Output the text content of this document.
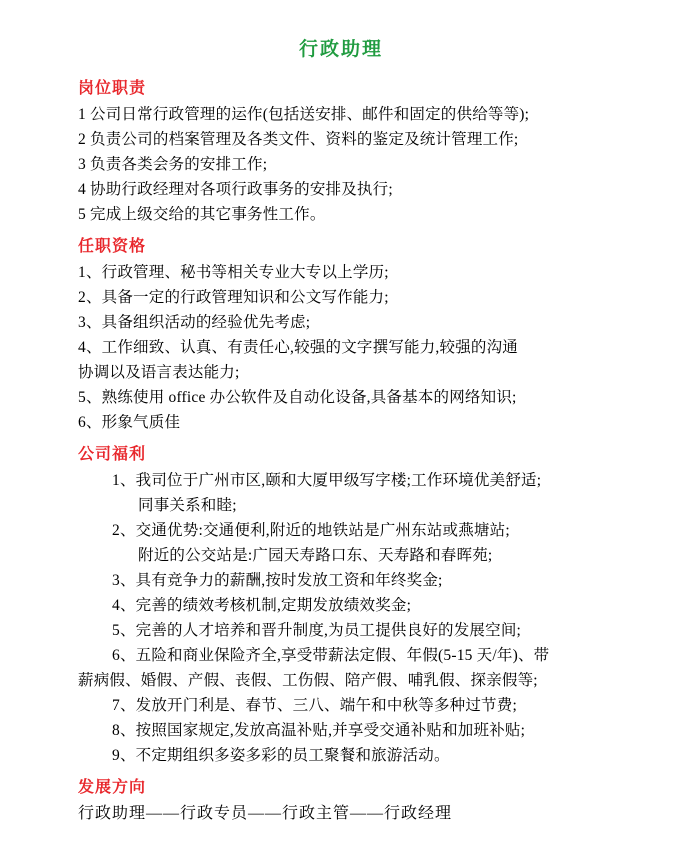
行政助理
岗位职责
1 公司日常行政管理的运作(包括送安排、邮件和固定的供给等等);
2 负责公司的档案管理及各类文件、资料的鉴定及统计管理工作;
3 负责各类会务的安排工作;
4 协助行政经理对各项行政事务的安排及执行;
5 完成上级交给的其它事务性工作。
任职资格
1、行政管理、秘书等相关专业大专以上学历;
2、具备一定的行政管理知识和公文写作能力;
3、具备组织活动的经验优先考虑;
4、工作细致、认真、有责任心,较强的文字撰写能力,较强的沟通
协调以及语言表达能力;
5、熟练使用 office 办公软件及自动化设备,具备基本的网络知识;
6、形象气质佳
公司福利
1、我司位于广州市区,颐和大厦甲级写字楼;工作环境优美舒适;
同事关系和睦;
2、交通优势:交通便利,附近的地铁站是广州东站或燕塘站;
附近的公交站是:广园天寿路口东、天寿路和春晖苑;
3、具有竞争力的薪酬,按时发放工资和年终奖金;
4、完善的绩效考核机制,定期发放绩效奖金;
5、完善的人才培养和晋升制度,为员工提供良好的发展空间;
6、五险和商业保险齐全,享受带薪法定假、年假(5-15 天/年)、带
薪病假、婚假、产假、丧假、工伤假、陪产假、哺乳假、探亲假等;
7、发放开门利是、春节、三八、端午和中秋等多种过节费;
8、按照国家规定,发放高温补贴,并享受交通补贴和加班补贴;
9、不定期组织多姿多彩的员工聚餐和旅游活动。
发展方向
行政助理——行政专员——行政主管——行政经理
